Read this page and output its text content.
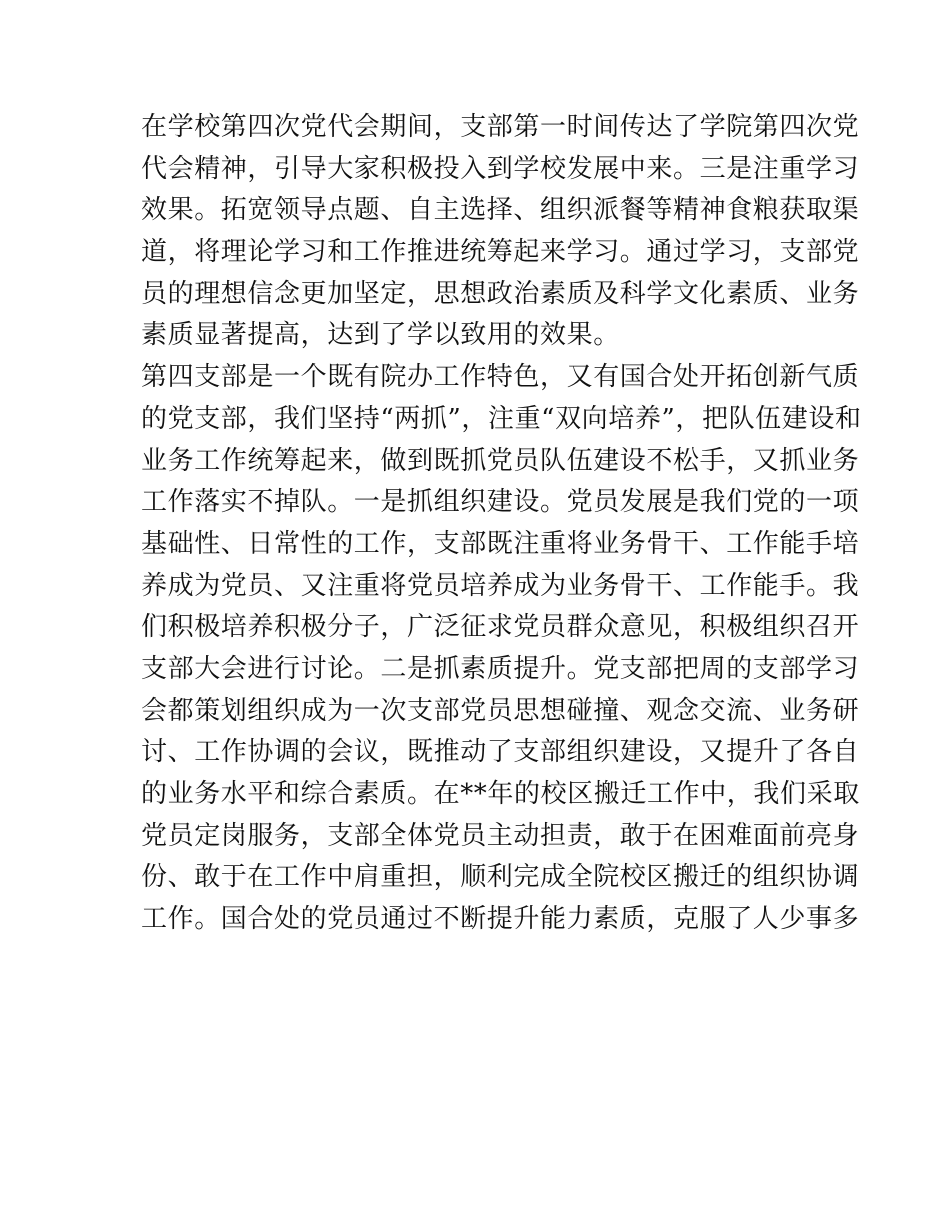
在学校第四次党代会期间，支部第一时间传达了学院第四次党
代会精神，引导大家积极投入到学校发展中来。三是注重学习
效果。拓宽领导点题、自主选择、组织派餐等精神食粮获取渠
道，将理论学习和工作推进统筹起来学习。通过学习，支部党
员的理想信念更加坚定，思想政治素质及科学文化素质、业务
素质显著提高，达到了学以致用的效果。
第四支部是一个既有院办工作特色，又有国合处开拓创新气质
的党支部，我们坚持“两抓”，注重“双向培养”，把队伍建设和
业务工作统筹起来，做到既抓党员队伍建设不松手，又抓业务
工作落实不掉队。一是抓组织建设。党员发展是我们党的一项
基础性、日常性的工作，支部既注重将业务骨干、工作能手培
养成为党员、又注重将党员培养成为业务骨干、工作能手。我
们积极培养积极分子，广泛征求党员群众意见，积极组织召开
支部大会进行讨论。二是抓素质提升。党支部把周的支部学习
会都策划组织成为一次支部党员思想碰撞、观念交流、业务研
讨、工作协调的会议，既推动了支部组织建设，又提升了各自
的业务水平和综合素质。在**年的校区搬迁工作中，我们采取
党员定岗服务，支部全体党员主动担责，敢于在困难面前亮身
份、敢于在工作中肩重担，顺利完成全院校区搬迁的组织协调
工作。国合处的党员通过不断提升能力素质，克服了人少事多
